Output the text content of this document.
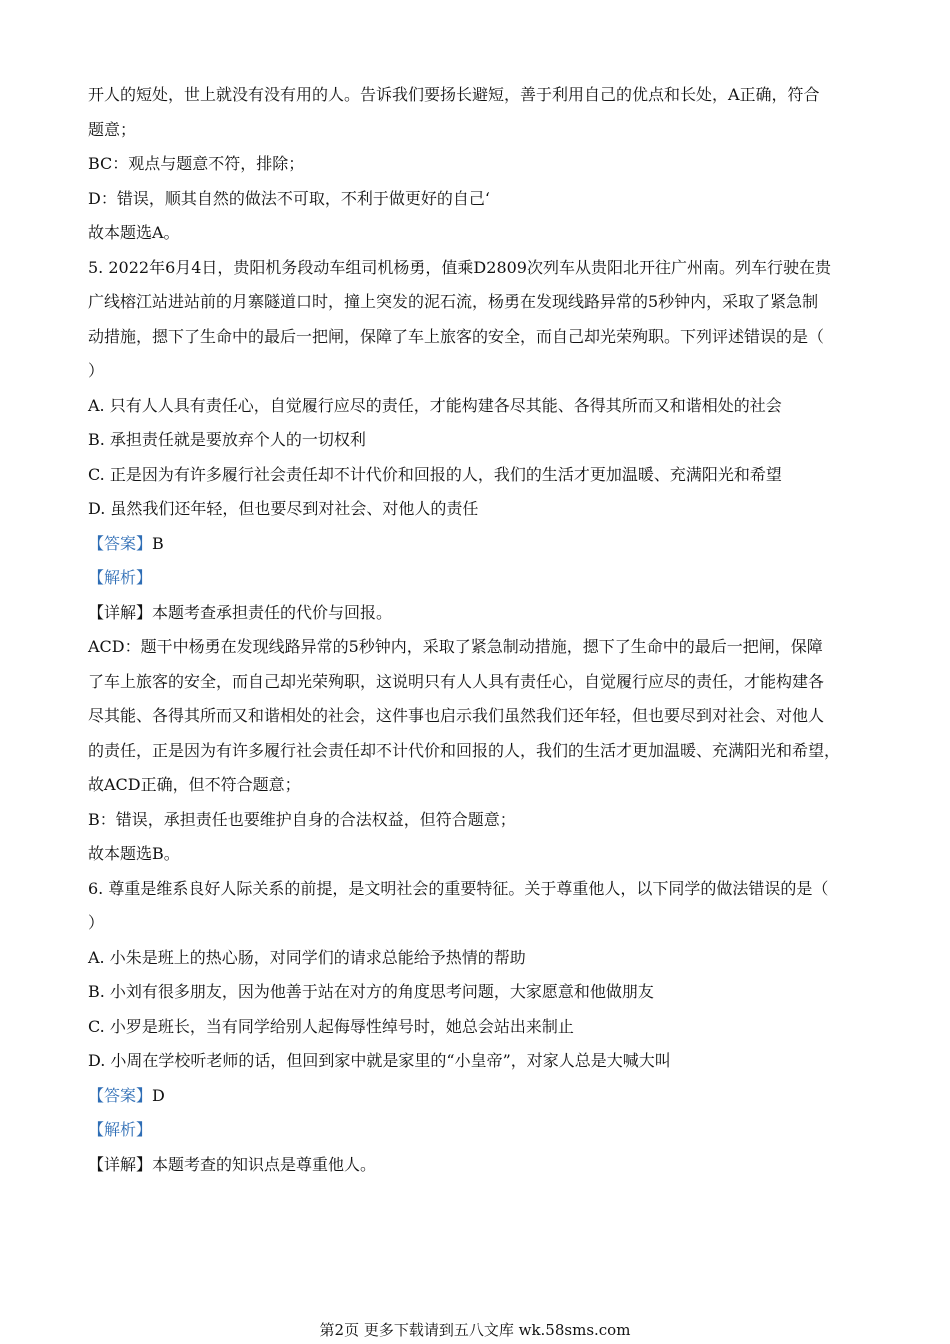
开人的短处，世上就没有没有用的人。告诉我们要扬长避短，善于利用自己的优点和长处，A正确，符合

题意；

BC：观点与题意不符，排除；

D：错误，顺其自然的做法不可取，不利于做更好的自己‘

故本题选A。

5. 2022年6月4日，贵阳机务段动车组司机杨勇，值乘D2809次列车从贵阳北开往广州南。列车行驶在贵

广线榕江站进站前的月寨隧道口时，撞上突发的泥石流，杨勇在发现线路异常的5秒钟内，采取了紧急制

动措施，摁下了生命中的最后一把闸，保障了车上旅客的安全，而自己却光荣殉职。下列评述错误的是（

）

A. 只有人人具有责任心，自觉履行应尽的责任，才能构建各尽其能、各得其所而又和谐相处的社会

B. 承担责任就是要放弃个人的一切权利

C. 正是因为有许多履行社会责任却不计代价和回报的人，我们的生活才更加温暖、充满阳光和希望

D. 虽然我们还年轻，但也要尽到对社会、对他人的责任

【答案】B

【解析】

【详解】本题考查承担责任的代价与回报。

ACD：题干中杨勇在发现线路异常的5秒钟内，采取了紧急制动措施，摁下了生命中的最后一把闸，保障

了车上旅客的安全，而自己却光荣殉职，这说明只有人人具有责任心，自觉履行应尽的责任，才能构建各

尽其能、各得其所而又和谐相处的社会，这件事也启示我们虽然我们还年轻，但也要尽到对社会、对他人

的责任，正是因为有许多履行社会责任却不计代价和回报的人，我们的生活才更加温暖、充满阳光和希望，

故ACD正确，但不符合题意；

B：错误，承担责任也要维护自身的合法权益，但符合题意；

故本题选B。

6. 尊重是维系良好人际关系的前提，是文明社会的重要特征。关于尊重他人，以下同学的做法错误的是（

）

A. 小朱是班上的热心肠，对同学们的请求总能给予热情的帮助

B. 小刘有很多朋友，因为他善于站在对方的角度思考问题，大家愿意和他做朋友

C. 小罗是班长，当有同学给别人起侮辱性绰号时，她总会站出来制止

D. 小周在学校听老师的话，但回到家中就是家里的“小皇帝”，对家人总是大喊大叫

【答案】D

【解析】

【详解】本题考查的知识点是尊重他人。

第2页 更多下载请到五八文库 wk.58sms.com
